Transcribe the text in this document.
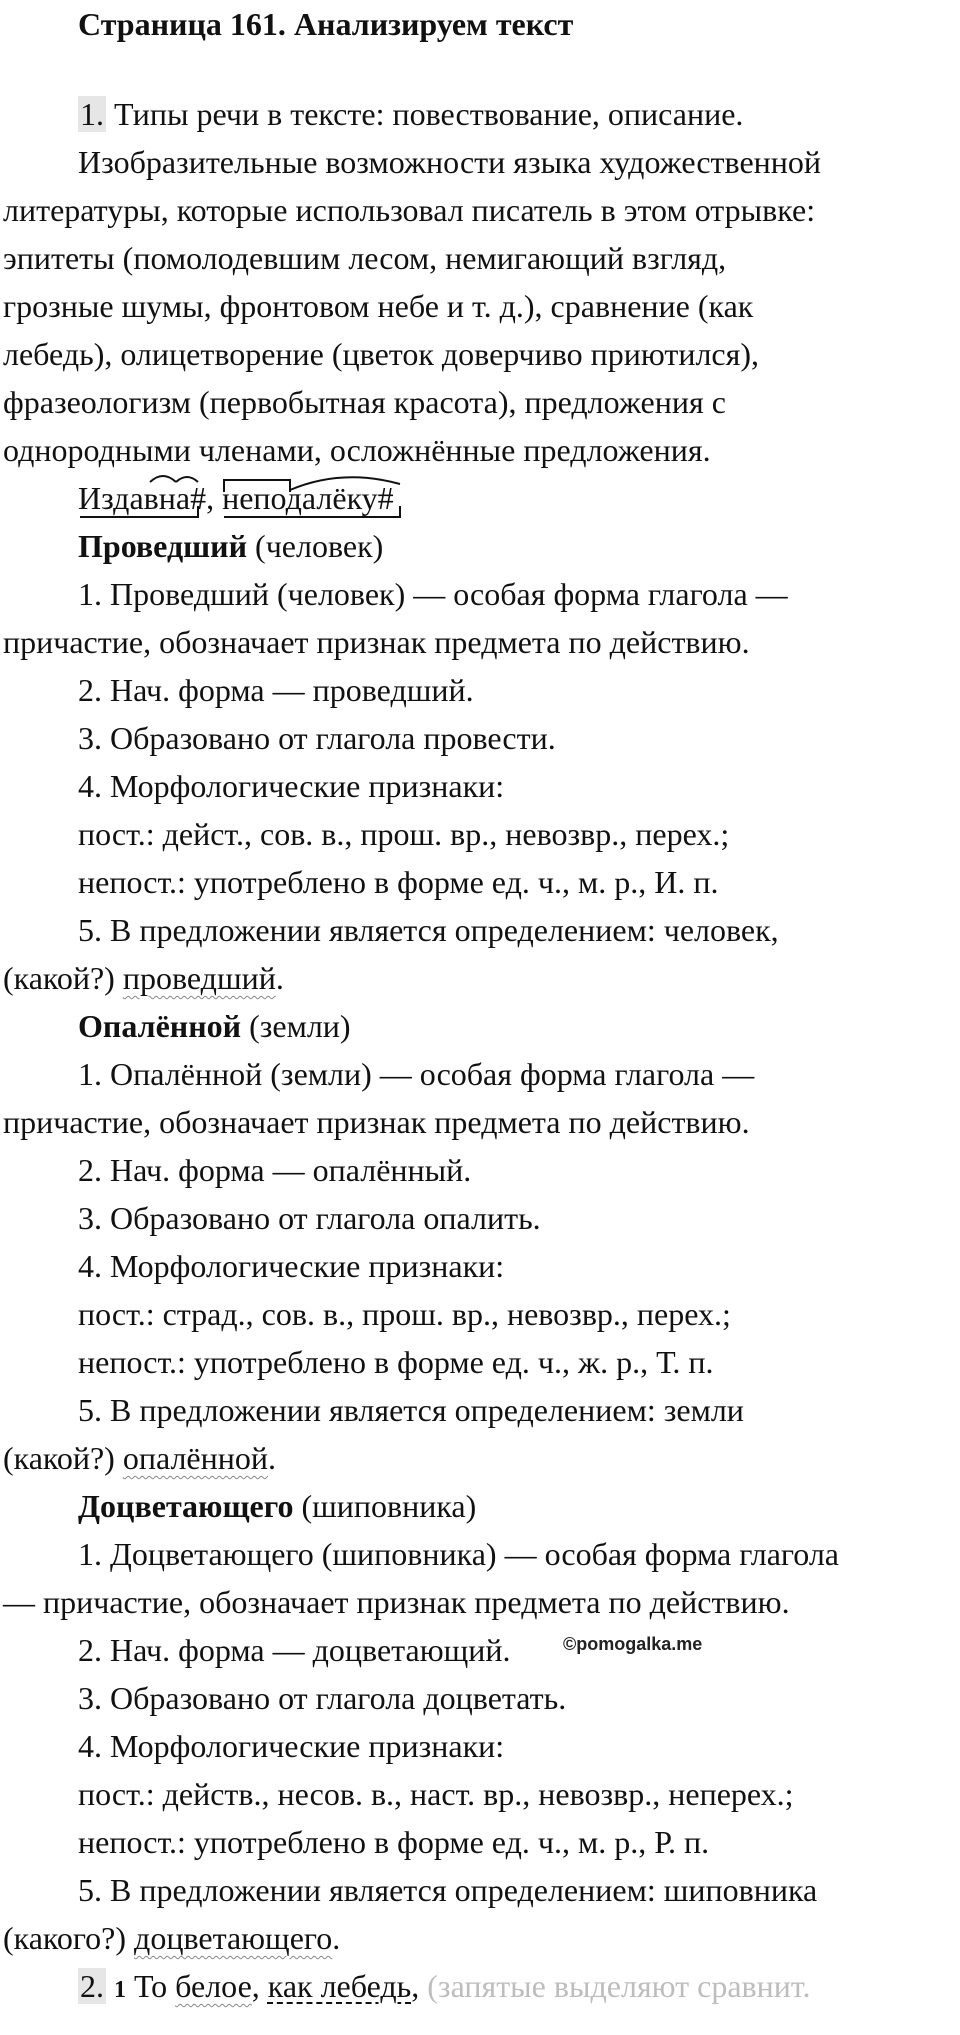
Страница 161. Анализируем текст
1. Типы речи в тексте: повествование, описание.
Изобразительные возможности языка художественной
литературы, которые использовал писатель в этом отрывке:
эпитеты (помолодевшим лесом, немигающий взгляд,
грозные шумы, фронтовом небе и т. д.), сравнение (как
лебедь), олицетворение (цветок доверчиво приютился),
фразеологизм (первобытная красота), предложения с
однородными членами, осложнённые предложения.
Издавна#,
неподалёку#
Проведший (человек)
1. Проведший (человек) — особая форма глагола —
причастие, обозначает признак предмета по действию.
2. Нач. форма — проведший.
3. Образовано от глагола провести.
4. Морфологические признаки:
пост.: дейст., сов. в., прош. вр., невозвр., перех.;
непост.: употреблено в форме ед. ч., м. р., И. п.
5. В предложении является определением: человек,
(какой?) проведший.
Опалённой (земли)
1. Опалённой (земли) — особая форма глагола —
причастие, обозначает признак предмета по действию.
2. Нач. форма — опалённый.
3. Образовано от глагола опалить.
4. Морфологические признаки:
пост.: страд., сов. в., прош. вр., невозвр., перех.;
непост.: употреблено в форме ед. ч., ж. р., Т. п.
5. В предложении является определением: земли
(какой?) опалённой.
Доцветающего (шиповника)
1. Доцветающего (шиповника) — особая форма глагола
— причастие, обозначает признак предмета по действию.
©pomogalka.me
2. Нач. форма — доцветающий.
3. Образовано от глагола доцветать.
4. Морфологические признаки:
пост.: действ., несов. в., наст. вр., невозвр., неперех.;
непост.: употреблено в форме ед. ч., м. р., Р. п.
5. В предложении является определением: шиповника
(какого?) доцветающего.
2. 1 То белое, как лебедь, (запятые выделяют сравнит.
